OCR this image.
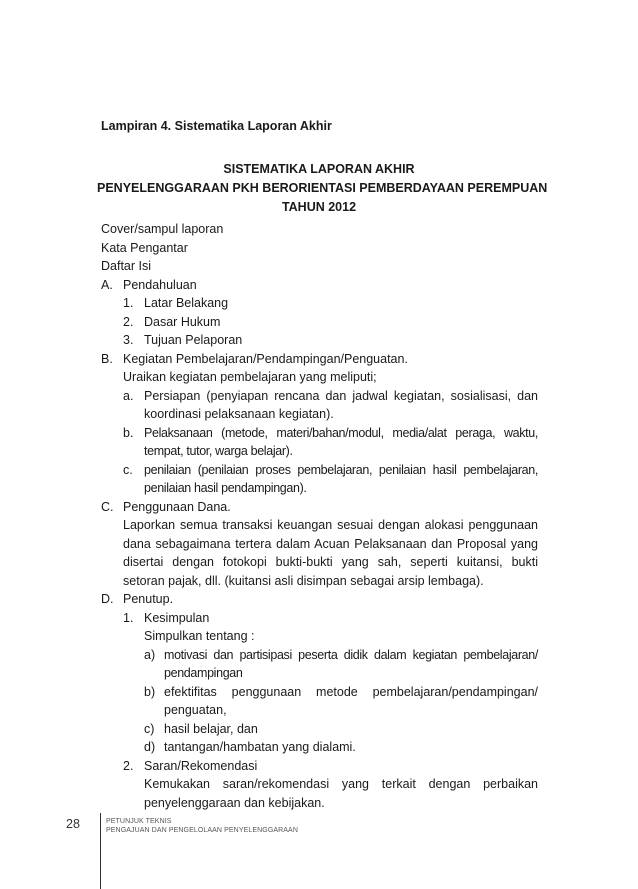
Lampiran 4. Sistematika Laporan Akhir
SISTEMATIKA LAPORAN AKHIR
PENYELENGGARAAN PKH BERORIENTASI PEMBERDAYAAN PEREMPUAN
TAHUN 2012
Cover/sampul laporan
Kata Pengantar
Daftar Isi
A. Pendahuluan
1. Latar Belakang
2. Dasar Hukum
3. Tujuan Pelaporan
B. Kegiatan Pembelajaran/Pendampingan/Penguatan.
Uraikan kegiatan pembelajaran yang meliputi;
a. Persiapan (penyiapan rencana dan jadwal kegiatan, sosialisasi, dan koordinasi pelaksanaan kegiatan).
b. Pelaksanaan (metode, materi/bahan/modul, media/alat peraga, waktu, tempat, tutor, warga belajar).
c. penilaian (penilaian proses pembelajaran, penilaian hasil pembelajaran, penilaian hasil pendampingan).
C. Penggunaan Dana.
Laporkan semua transaksi keuangan sesuai dengan alokasi penggunaan dana sebagaimana tertera dalam Acuan Pelaksanaan dan Proposal yang disertai dengan fotokopi bukti-bukti yang sah, seperti kuitansi, bukti setoran pajak, dll. (kuitansi asli disimpan sebagai arsip lembaga).
D. Penutup.
1. Kesimpulan
Simpulkan tentang :
a) motivasi dan partisipasi peserta didik dalam kegiatan pembelajaran/ pendampingan
b) efektifitas penggunaan metode pembelajaran/pendampingan/ penguatan,
c) hasil belajar, dan
d) tantangan/hambatan yang dialami.
2. Saran/Rekomendasi
Kemukakan saran/rekomendasi yang terkait dengan perbaikan penyelenggaraan dan kebijakan.
28	PETUNJUK TEKNIS
PENGAJUAN DAN PENGELOLAAN PENYELENGGARAAN
